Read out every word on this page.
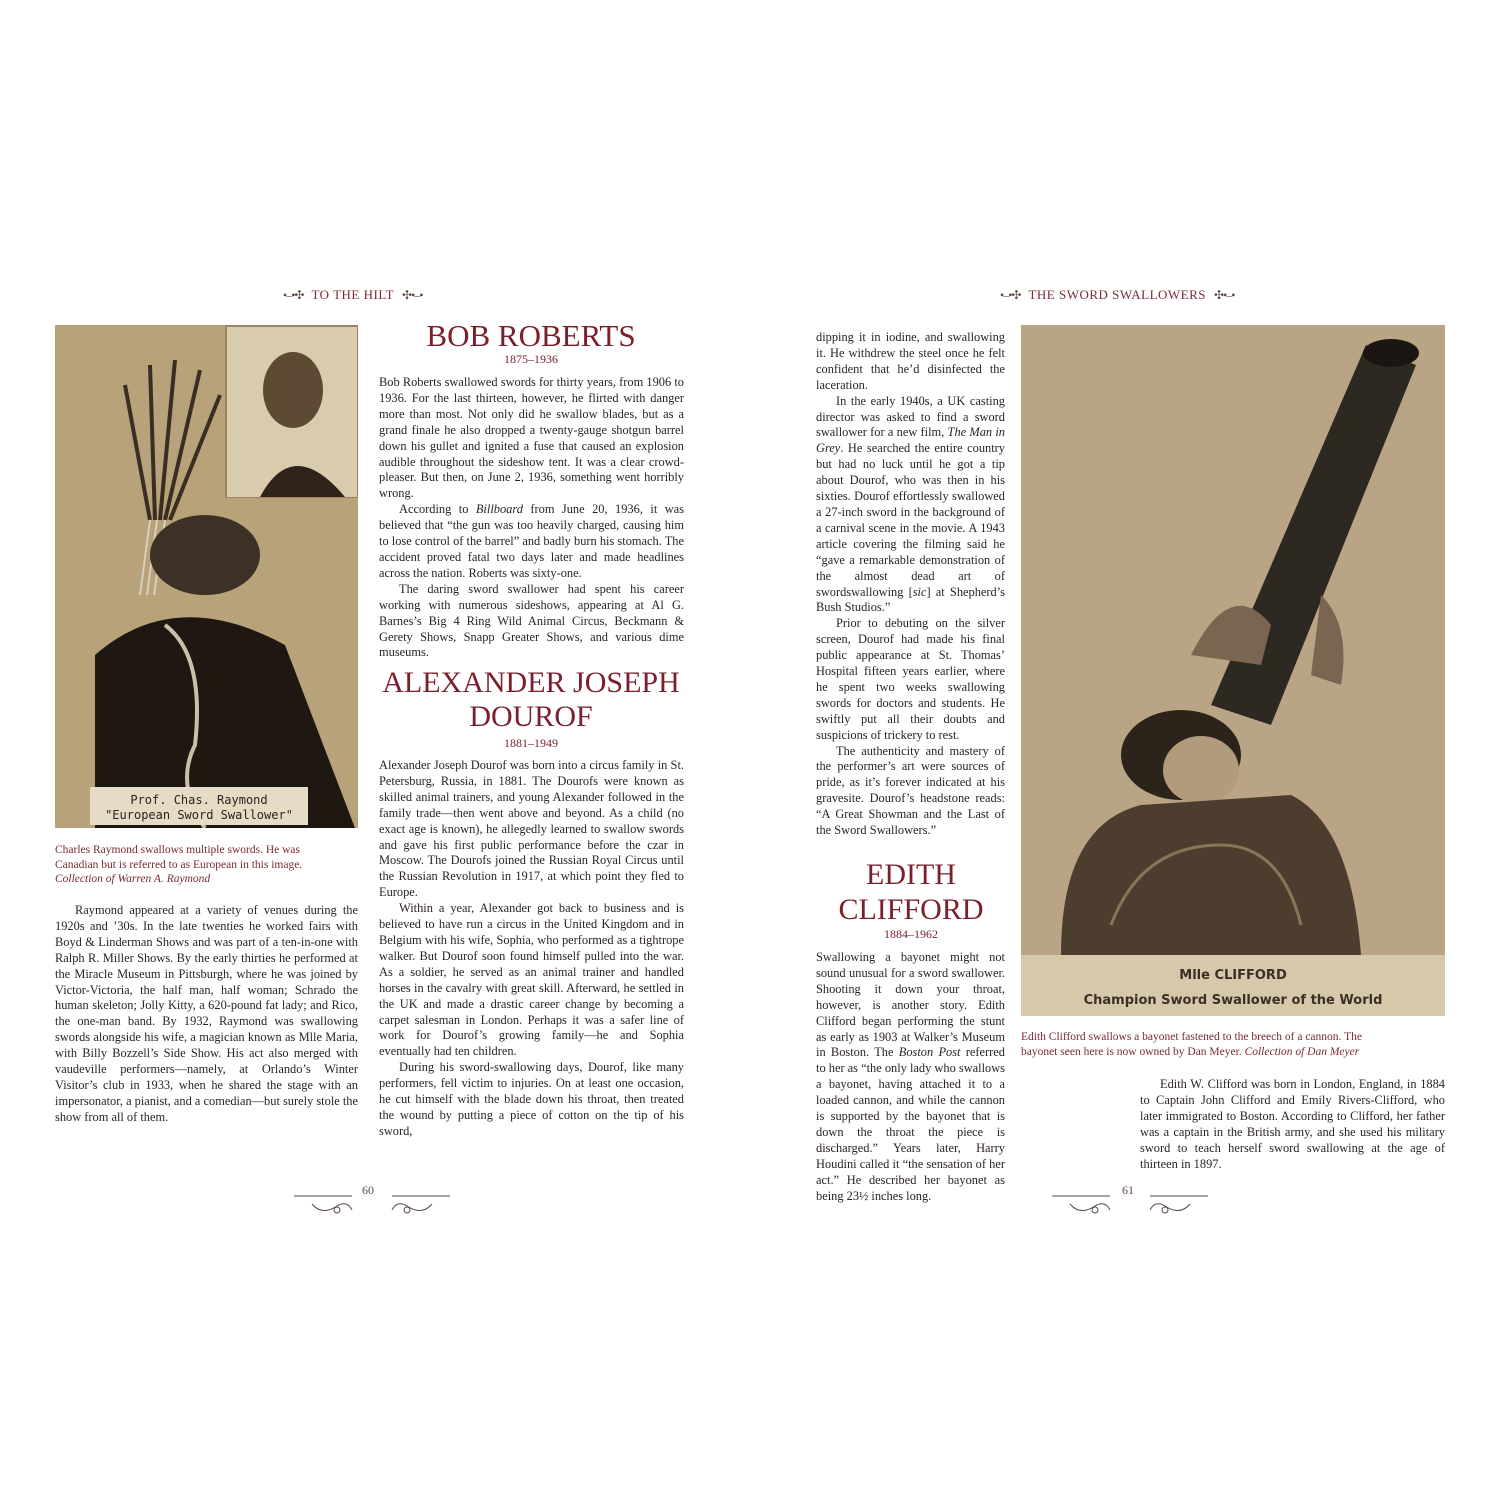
•–•✣ TO THE HILT ✣•–•
Prof. Chas. Raymond
"European Sword Swallower"
Charles Raymond swallows multiple swords. He was
Canadian but is referred to as European in this image.
Collection of Warren A. Raymond

Raymond appeared at a variety of venues during the 1920s and ’30s. In the late twenties he worked fairs with Boyd & Linderman Shows and was part of a ten-in-one with Ralph R. Miller Shows. By the early thirties he performed at the Miracle Museum in Pittsburgh, where he was joined by Victor-Victoria, the half man, half woman; Schrado the human skeleton; Jolly Kitty, a 620-pound fat lady; and Rico, the one-man band. By 1932, Raymond was swallowing swords alongside his wife, a magician known as Mlle Maria, with Billy Bozzell’s Side Show. His act also merged with vaudeville performers—namely, at Orlando’s Winter Visitor’s club in 1933, when he shared the stage with an impersonator, a pianist, and a comedian—but surely stole the show from all of them.

BOB ROBERTS
1875–1936

Bob Roberts swallowed swords for thirty years, from 1906 to 1936. For the last thirteen, however, he flirted with danger more than most. Not only did he swallow blades, but as a grand finale he also dropped a twenty-gauge shotgun barrel down his gullet and ignited a fuse that caused an explosion audible throughout the sideshow tent. It was a clear crowd-pleaser. But then, on June 2, 1936, something went horribly wrong.

According to Billboard from June 20, 1936, it was believed that “the gun was too heavily charged, causing him to lose control of the barrel” and badly burn his stomach. The accident proved fatal two days later and made headlines across the nation. Roberts was sixty-one.

The daring sword swallower had spent his career working with numerous sideshows, appearing at Al G. Barnes’s Big 4 Ring Wild Animal Circus, Beckmann & Gerety Shows, Snapp Greater Shows, and various dime museums.

ALEXANDER JOSEPH
DOUROF
1881–1949

Alexander Joseph Dourof was born into a circus family in St. Petersburg, Russia, in 1881. The Dourofs were known as skilled animal trainers, and young Alexander followed in the family trade—then went above and beyond. As a child (no exact age is known), he allegedly learned to swallow swords and gave his first public performance before the czar in Moscow. The Dourofs joined the Russian Royal Circus until the Russian Revolution in 1917, at which point they fled to Europe.

Within a year, Alexander got back to business and is believed to have run a circus in the United Kingdom and in Belgium with his wife, Sophia, who performed as a tightrope walker. But Dourof soon found himself pulled into the war. As a soldier, he served as an animal trainer and handled horses in the cavalry with great skill. Afterward, he settled in the UK and made a drastic career change by becoming a carpet salesman in London. Perhaps it was a safer line of work for Dourof’s growing family—he and Sophia eventually had ten children.

During his sword-swallowing days, Dourof, like many performers, fell victim to injuries. On at least one occasion, he cut himself with the blade down his throat, then treated the wound by putting a piece of cotton on the tip of his sword,

60
•–•✣ THE SWORD SWALLOWERS ✣•–•

dipping it in iodine, and swallowing it. He withdrew the steel once he felt confident that he’d disinfected the laceration.

In the early 1940s, a UK casting director was asked to find a sword swallower for a new film, The Man in Grey. He searched the entire country but had no luck until he got a tip about Dourof, who was then in his sixties. Dourof effortlessly swallowed a 27-inch sword in the background of a carnival scene in the movie. A 1943 article covering the filming said he “gave a remarkable demonstration of the almost dead art of swordswallowing [sic] at Shepherd’s Bush Studios.”

Prior to debuting on the silver screen, Dourof had made his final public appearance at St. Thomas’ Hospital fifteen years earlier, where he spent two weeks swallowing swords for doctors and students. He swiftly put all their doubts and suspicions of trickery to rest.

The authenticity and mastery of the performer’s art were sources of pride, as it’s forever indicated at his gravesite. Dourof’s headstone reads: “A Great Showman and the Last of the Sword Swallowers.”

Mlle CLIFFORD
Champion Sword Swallower of the World
Edith Clifford swallows a bayonet fastened to the breech of a cannon. The
bayonet seen here is now owned by Dan Meyer. Collection of Dan Meyer
EDITH
CLIFFORD
1884–1962

Swallowing a bayonet might not sound unusual for a sword swallower. Shooting it down your throat, however, is another story. Edith Clifford began performing the stunt as early as 1903 at Walker’s Museum in Boston. The Boston Post referred to her as “the only lady who swallows a bayonet, having attached it to a loaded cannon, and while the cannon is supported by the bayonet that is down the throat the piece is discharged.” Years later, Harry Houdini called it “the sensation of her act.” He described her bayonet as being 23½ inches long.

Edith W. Clifford was born in London, England, in 1884 to Captain John Clifford and Emily Rivers-Clifford, who later immigrated to Boston. According to Clifford, her father was a captain in the British army, and she used his military sword to teach herself sword swallowing at the age of thirteen in 1897.

61
